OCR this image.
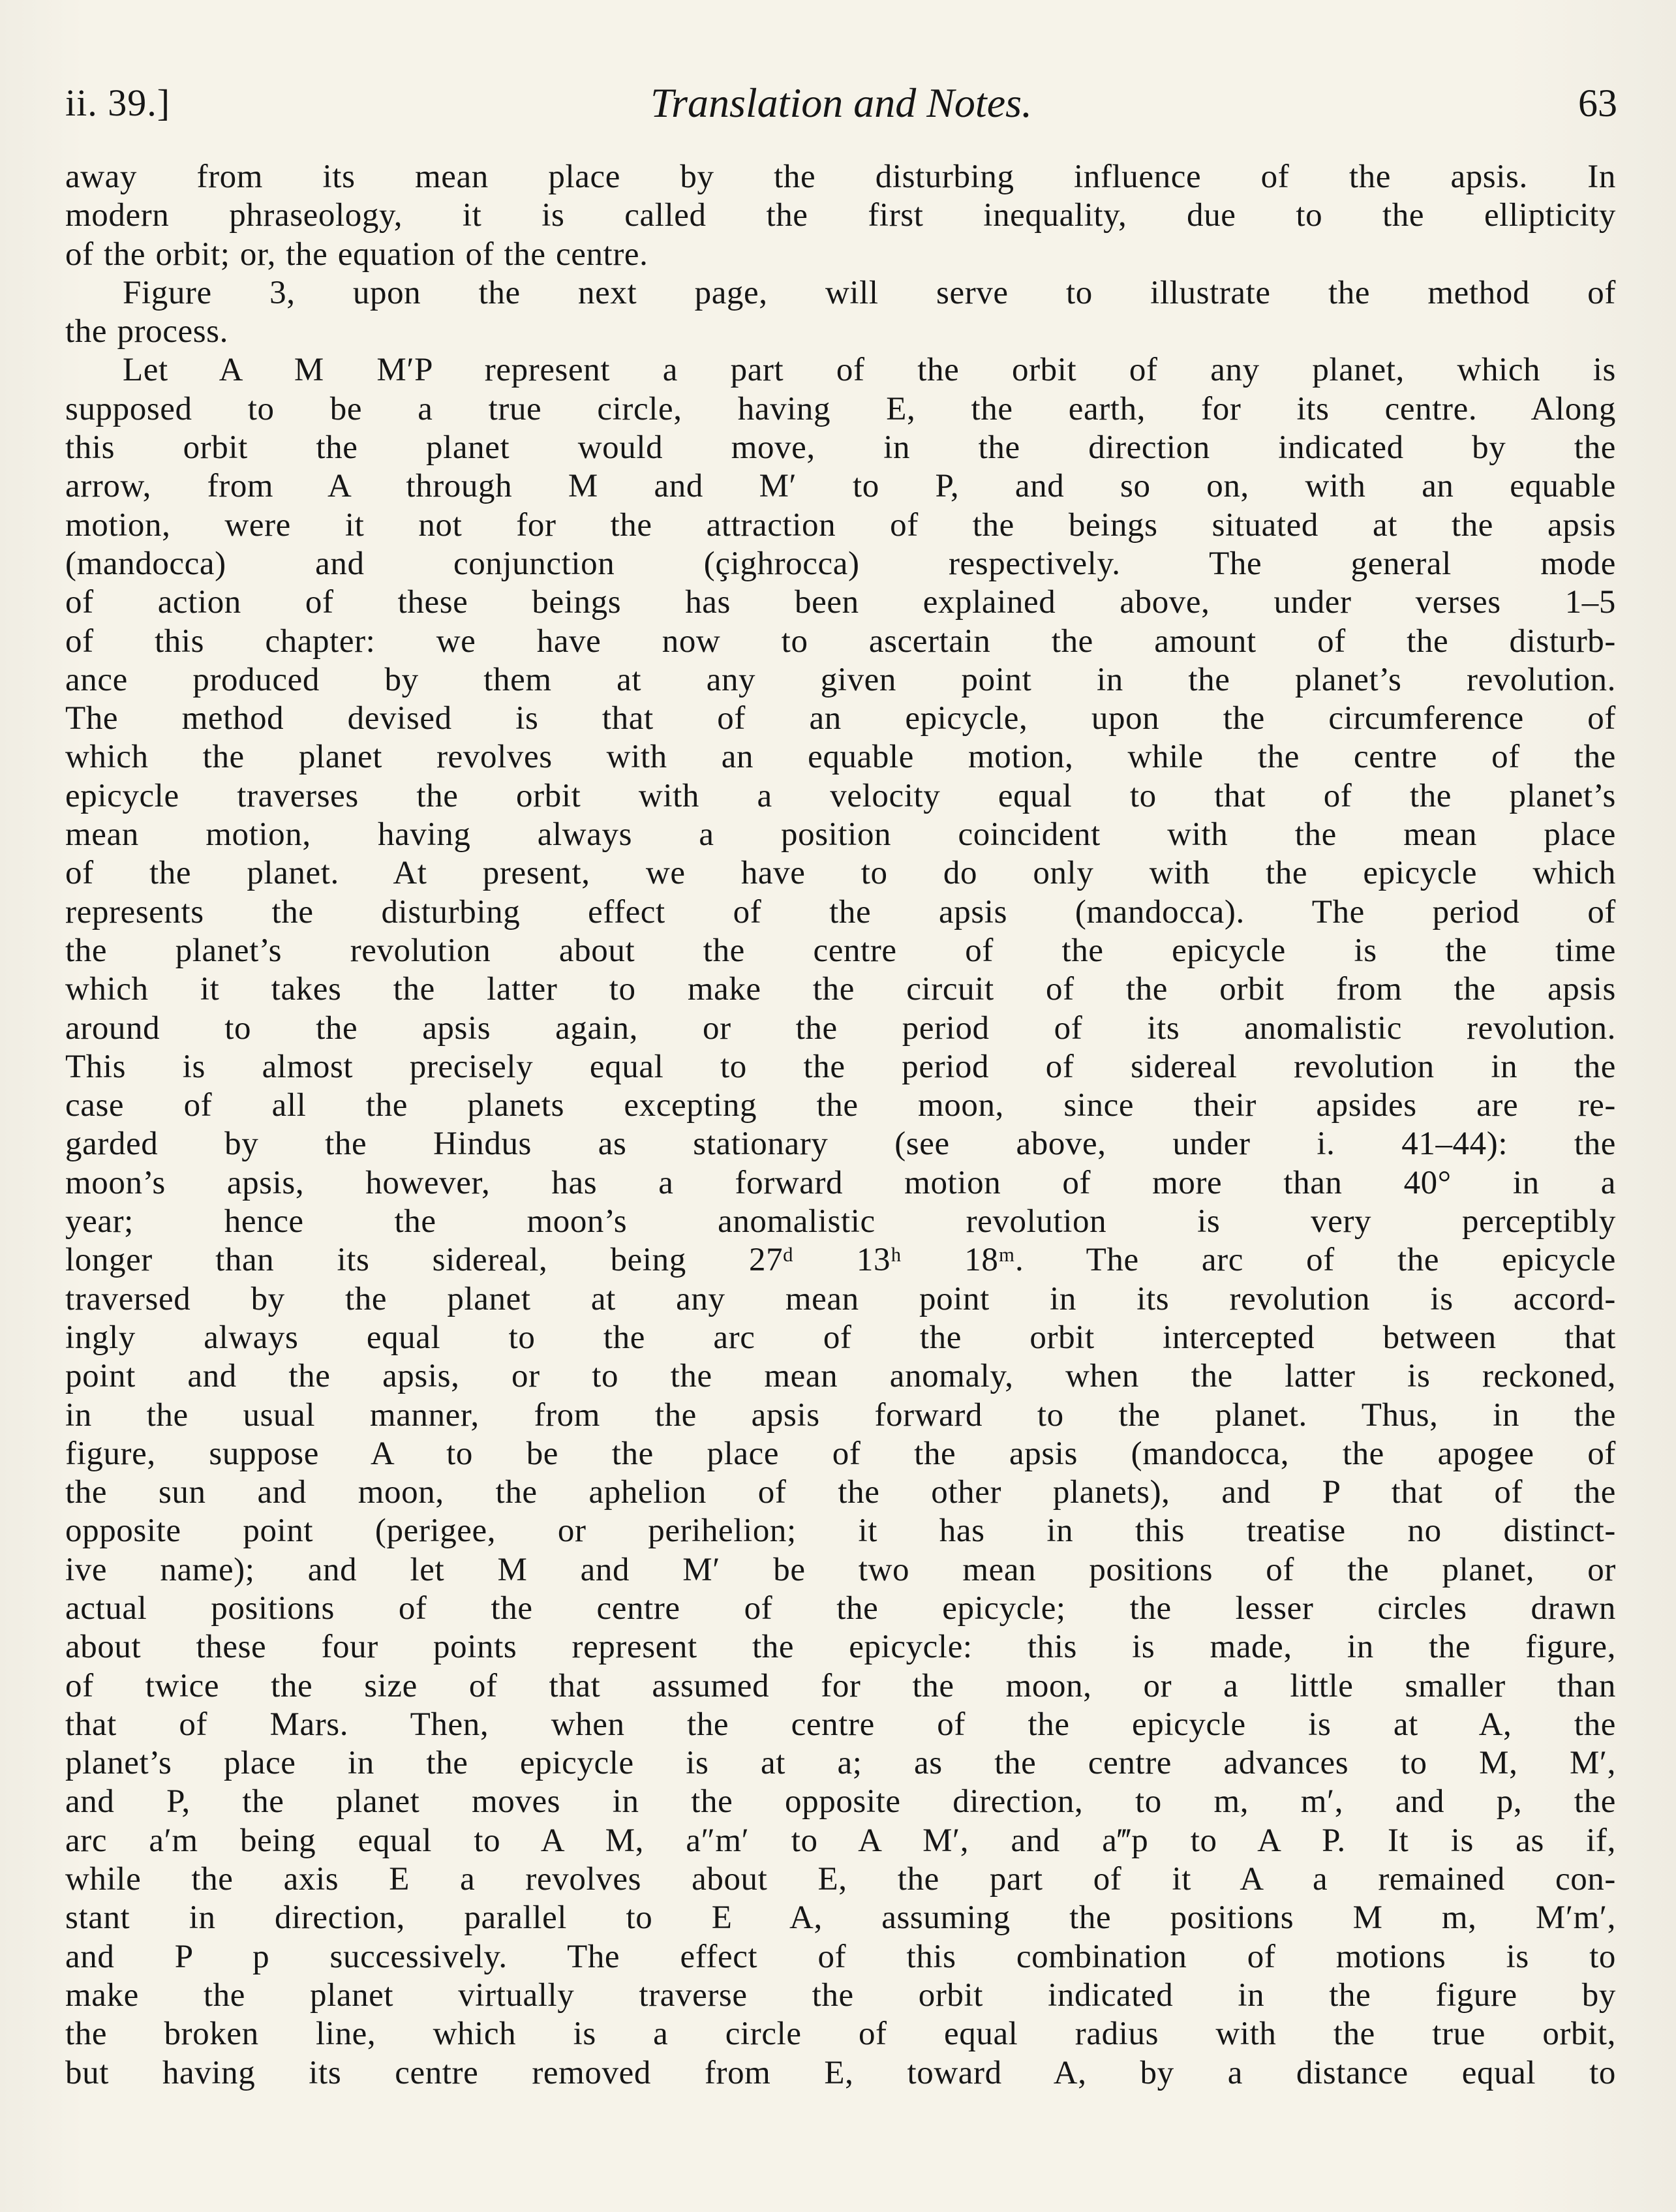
ii. 39.]	Translation and Notes.	63
away from its mean place by the disturbing influence of the apsis. In
modern phraseology, it is called the first inequality, due to the ellipticity
of the orbit; or, the equation of the centre.
Figure 3, upon the next page, will serve to illustrate the method of
the process.
Let A M M′P represent a part of the orbit of any planet, which is
supposed to be a true circle, having E, the earth, for its centre. Along
this orbit the planet would move, in the direction indicated by the
arrow, from A through M and M′ to P, and so on, with an equable
motion, were it not for the attraction of the beings situated at the apsis
(mandocca) and conjunction (çighrocca) respectively. The general mode
of action of these beings has been explained above, under verses 1–5
of this chapter: we have now to ascertain the amount of the disturb-
ance produced by them at any given point in the planet’s revolution.
The method devised is that of an epicycle, upon the circumference of
which the planet revolves with an equable motion, while the centre of the
epicycle traverses the orbit with a velocity equal to that of the planet’s
mean motion, having always a position coincident with the mean place
of the planet. At present, we have to do only with the epicycle which
represents the disturbing effect of the apsis (mandocca). The period of
the planet’s revolution about the centre of the epicycle is the time
which it takes the latter to make the circuit of the orbit from the apsis
around to the apsis again, or the period of its anomalistic revolution.
This is almost precisely equal to the period of sidereal revolution in the
case of all the planets excepting the moon, since their apsides are re-
garded by the Hindus as stationary (see above, under i. 41–44): the
moon’s apsis, however, has a forward motion of more than 40° in a
year; hence the moon’s anomalistic revolution is very perceptibly
longer than its sidereal, being 27ᵈ 13ʰ 18ᵐ. The arc of the epicycle
traversed by the planet at any mean point in its revolution is accord-
ingly always equal to the arc of the orbit intercepted between that
point and the apsis, or to the mean anomaly, when the latter is reckoned,
in the usual manner, from the apsis forward to the planet. Thus, in the
figure, suppose A to be the place of the apsis (mandocca, the apogee of
the sun and moon, the aphelion of the other planets), and P that of the
opposite point (perigee, or perihelion; it has in this treatise no distinct-
ive name); and let M and M′ be two mean positions of the planet, or
actual positions of the centre of the epicycle; the lesser circles drawn
about these four points represent the epicycle: this is made, in the figure,
of twice the size of that assumed for the moon, or a little smaller than
that of Mars. Then, when the centre of the epicycle is at A, the
planet’s place in the epicycle is at a; as the centre advances to M, M′,
and P, the planet moves in the opposite direction, to m, m′, and p, the
arc a′m being equal to A M, a″m′ to A M′, and a‴p to A P. It is as if,
while the axis E a revolves about E, the part of it A a remained con-
stant in direction, parallel to E A, assuming the positions M m, M′m′,
and P p successively. The effect of this combination of motions is to
make the planet virtually traverse the orbit indicated in the figure by
the broken line, which is a circle of equal radius with the true orbit,
but having its centre removed from E, toward A, by a distance equal to
